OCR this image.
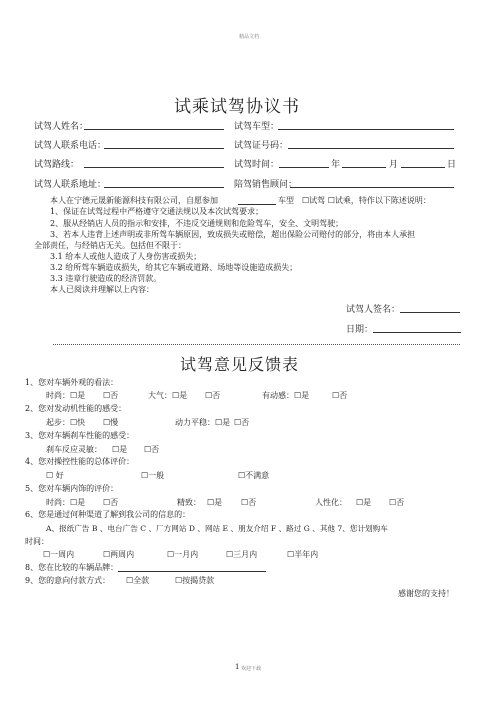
精品文档
试乘试驾协议书
试驾人姓名：	试驾车型：
试驾人联系电话：	试驾证号码：
试驾路线：	试驾时间：	年	月	日
试驾人联系地址：	陪驾销售顾问：
本人在宁德元晟新能源科技有限公司，自愿参加	车型 ☐试驾 ☐试乘，特作以下陈述说明：
1、保证在试驾过程中严格遵守交通法规以及本次试驾要求；
2、服从经销店人员的指示和安排，不违反交通规则和危险驾车，安全、文明驾驶；
3、若本人违背上述声明或非所驾车辆原因，致成损失或赔偿，超出保险公司赔付的部分，将由本人承担
全部责任，与经销店无关。包括但不限于：
3.1 给本人或他人造成了人身伤害或损失；
3.2 给所驾车辆造成损失，给其它车辆或道路、场地等设施造成损失；
3.3 违章行驶造成的经济罚款。
本人已阅读并理解以上内容：
试驾人签名：
日期：
试驾意见反馈表
1、您对车辆外观的看法：
时尚：☐是 ☐否	大气：☐是 ☐否	有动感：☐是	☐否
2、您对发动机性能的感受：
起步：☐快 ☐慢	动力平稳：☐是 ☐否
3、您对车辆刹车性能的感受：
刹车反应灵敏： ☐是 ☐否
4、您对操控性能的总体评价：
☐ 好	☐一般	☐不满意
5、您对车辆内饰的评价：
时尚：☐是 ☐否	精致： ☐是 ☐否	人性化： ☐是 ☐否
6、您是通过何种渠道了解到我公司的信息的：
A、报纸广告 B 、电台广告 C 、厂方网站 D 、网站 E 、朋友介绍 F 、路过 G 、其他 7、您计划购车
时间：
☐一周内	☐两周内	☐一月内	☐三月内	☐半年内
8、您在比较的车辆品牌：
9、您的意向付款方式： ☐全款	☐按揭贷款
感谢您的支持！
1 欢迎下载
